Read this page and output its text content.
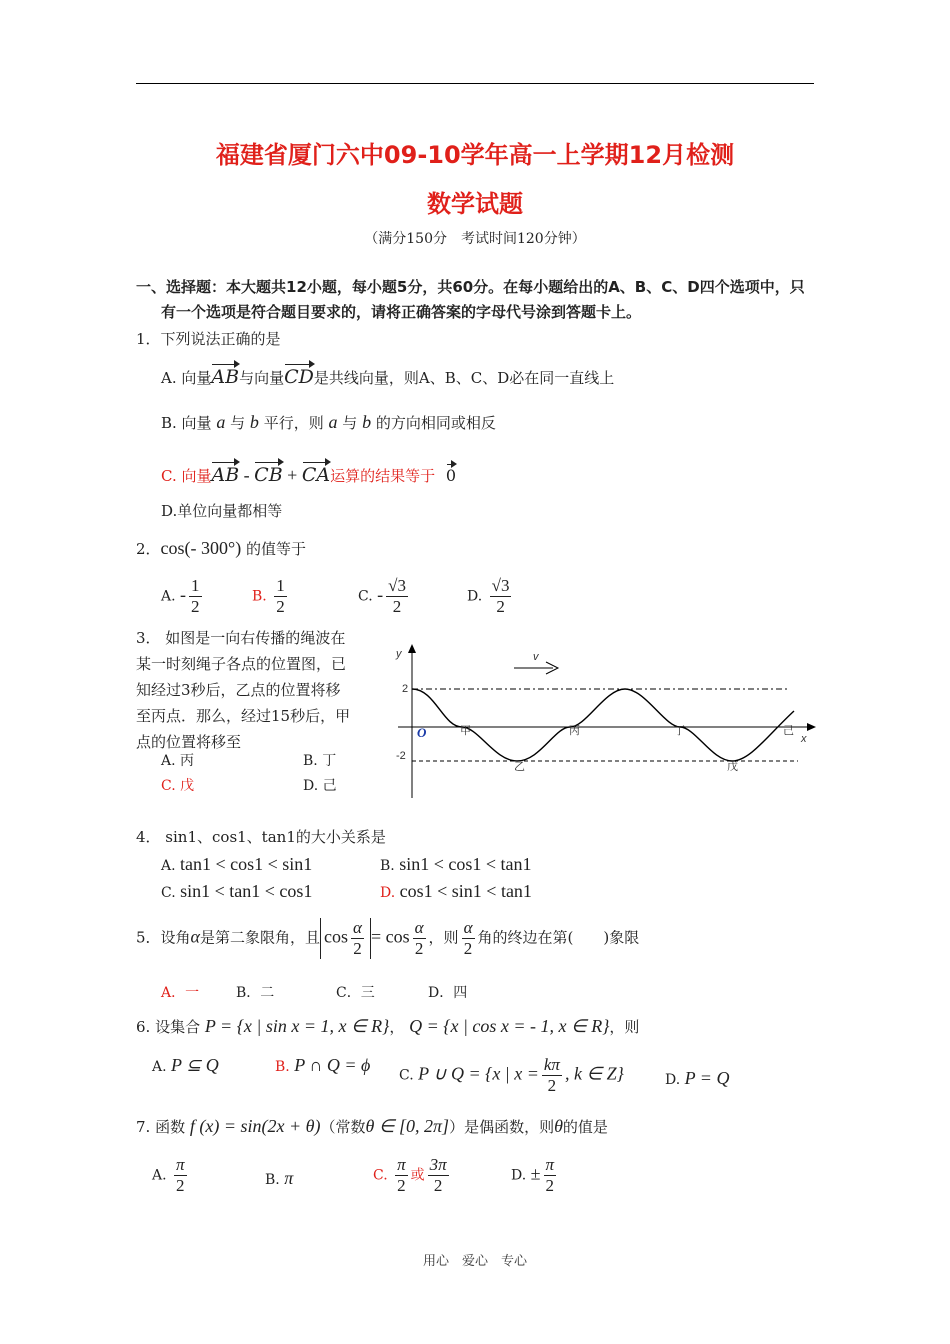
福建省厦门六中09-10学年高一上学期12月检测
数学试题
（满分150分　考试时间120分钟）
一、选择题：本大题共12小题，每小题5分，共60分。在每小题给出的A、B、C、D四个选项中，只
有一个选项是符合题目要求的，请将正确答案的字母代号涂到答题卡上。
1．下列说法正确的是
A. 向量AB与向量CD是共线向量，则A、B、C、D必在同一直线上
B. 向量 a 与 b 平行，则 a 与 b 的方向相同或相反
C. 向量AB - CB + CA运算的结果等于 0
D.单位向量都相等
2．cos(- 300°) 的值等于
A. - $\frac{1}{2}$	B. $\frac{1}{2}$	C. - $\frac{√3}{2}$	D. $\frac{√3}{2}$
3． 如图是一向右传播的绳波在
某一时刻绳子各点的位置图，已
知经过3秒后，乙点的位置将移
至丙点．那么，经过15秒后，甲
点的位置将移至
A. 丙	B. 丁
C. 戊	D. 己
v
y
x
O
2
-2
甲
乙
丙	丁
戊
己
4． sin1、cos1、tan1的大小关系是
A. tan1 < cos1 < sin1	B. sin1 < cos1 < tan1
C. sin1 < tan1 < cos1	D. cos1 < sin1 < tan1
5．设角α是第二象限角，且 $\cos \frac{\alpha}{2} = \cos \frac{\alpha}{2}$ ，则 $\frac{\alpha}{2}$ 角的终边在第(　　)象限
A．一	B．二	C．三	D．四
6. 设集合 P = {x | sin x = 1, x ∈ R}， Q = {x | cos x = - 1, x ∈ R}，则
A. P ⊆ Q	B. P ∩ Q = ϕ
C. P ∪ Q = {x | $x = \frac{k\pi}{2}$ , k ∈ Z}	D. P = Q
7. 函数 f (x) = sin(2x + θ)（常数θ ∈ [0, 2π]）是偶函数，则θ的值是
A. $\frac{\pi}{2}$	B. π	C. $\frac{\pi}{2}$ 或 $\frac{3\pi}{2}$	D. ± $\frac{\pi}{2}$
用心　爱心　专心
